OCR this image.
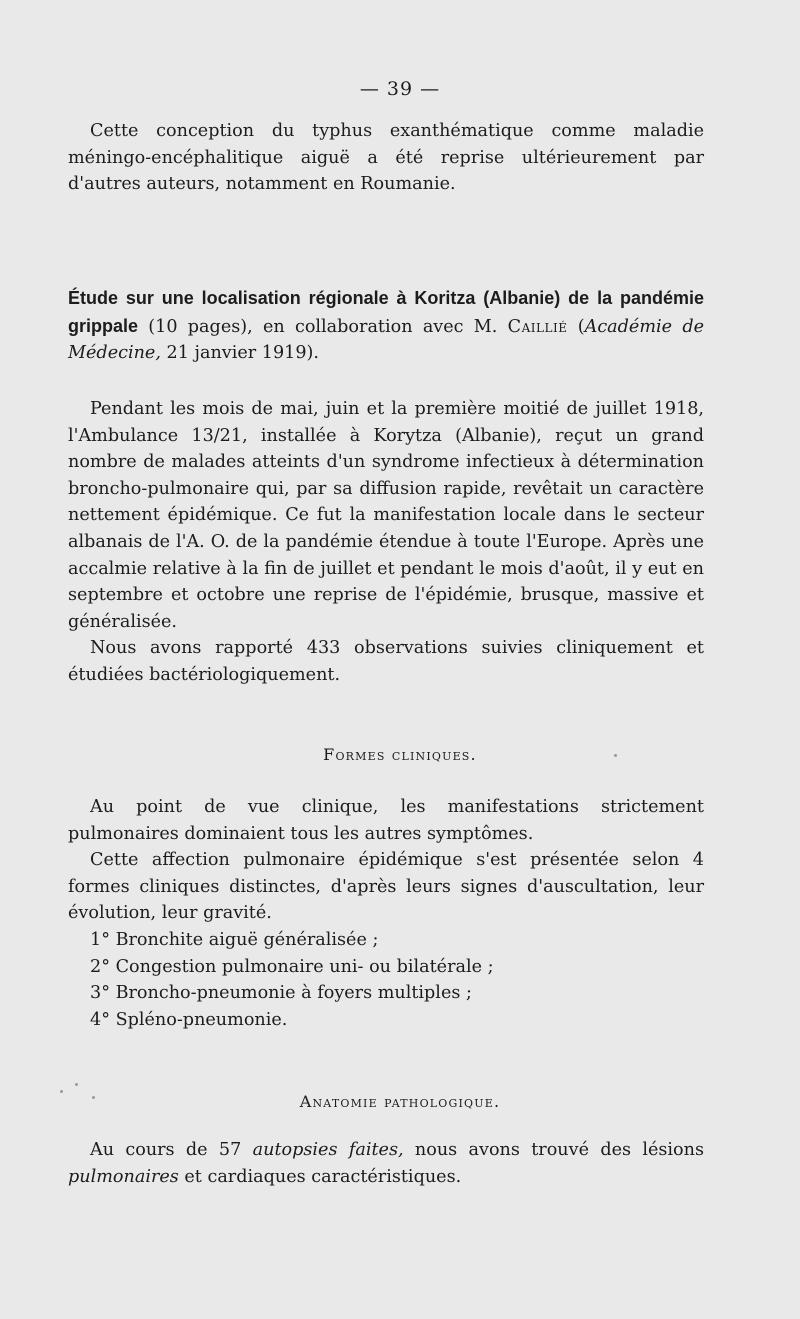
— 39 —

Cette conception du typhus exanthématique comme maladie méningo-encéphalitique aiguë a été reprise ultérieurement par d'autres auteurs, notamment en Roumanie.

Étude sur une localisation régionale à Koritza (Albanie) de la pandémie grippale (10 pages), en collaboration avec M. Caillié (Académie de Médecine, 21 janvier 1919).

Pendant les mois de mai, juin et la première moitié de juillet 1918, l'Ambulance 13/21, installée à Korytza (Albanie), reçut un grand nombre de malades atteints d'un syndrome infectieux à détermination broncho-pulmonaire qui, par sa diffusion rapide, revêtait un caractère nettement épidémique. Ce fut la manifestation locale dans le secteur albanais de l'A. O. de la pandémie étendue à toute l'Europe. Après une accalmie relative à la fin de juillet et pendant le mois d'août, il y eut en septembre et octobre une reprise de l'épidémie, brusque, massive et généralisée.

Nous avons rapporté 433 observations suivies cliniquement et étudiées bactériologiquement.

Formes cliniques.

Au point de vue clinique, les manifestations strictement pulmonaires dominaient tous les autres symptômes.

Cette affection pulmonaire épidémique s'est présentée selon 4 formes cliniques distinctes, d'après leurs signes d'auscultation, leur évolution, leur gravité.

1° Bronchite aiguë généralisée ;
2° Congestion pulmonaire uni- ou bilatérale ;
3° Broncho-pneumonie à foyers multiples ;
4° Spléno-pneumonie.
Anatomie pathologique.

Au cours de 57 autopsies faites, nous avons trouvé des lésions pulmonaires et cardiaques caractéristiques.
